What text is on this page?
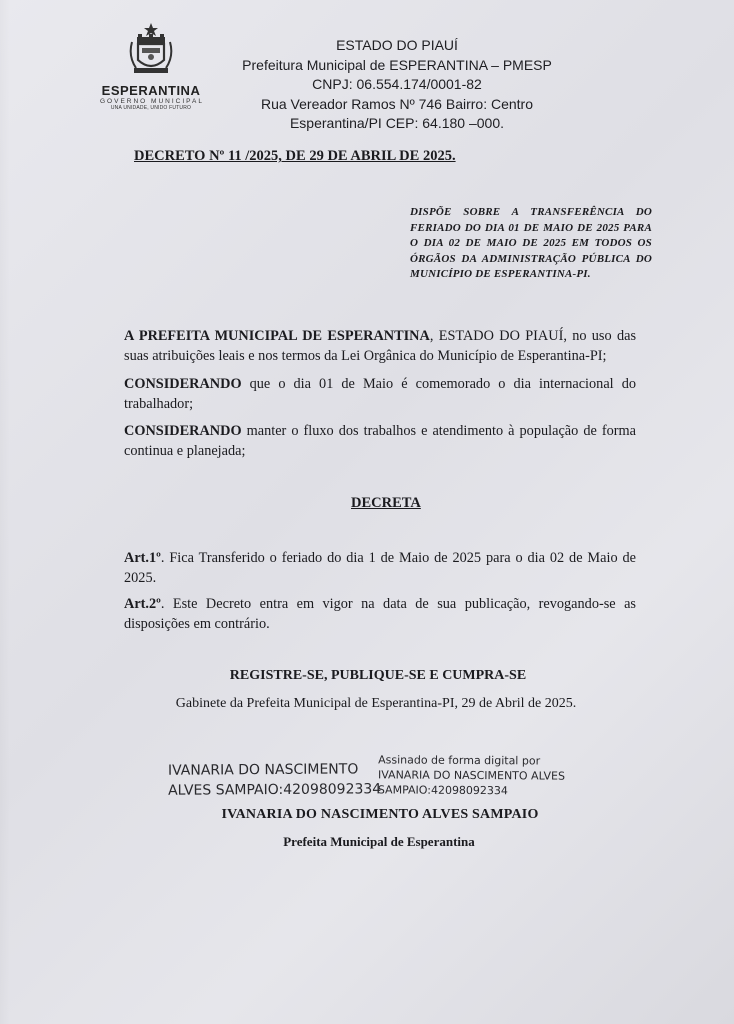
ESPERANTINA
GOVERNO MUNICIPAL
UNA UNIDADE, UNIDO FUTURO
ESTADO DO PIAUÍ
Prefeitura Municipal de ESPERANTINA – PMESP
CNPJ: 06.554.174/0001-82
Rua Vereador Ramos Nº 746 Bairro: Centro
Esperantina/PI CEP: 64.180 –000.
DECRETO Nº 11 /2025, DE 29 DE ABRIL DE 2025.
DISPÕE SOBRE A TRANSFERÊNCIA DO FERIADO DO DIA 01 DE MAIO DE 2025 PARA O DIA 02 DE MAIO DE 2025 EM TODOS OS ÓRGÃOS DA ADMINISTRAÇÃO PÚBLICA DO MUNICÍPIO DE ESPERANTINA-PI.
A PREFEITA MUNICIPAL DE ESPERANTINA, ESTADO DO PIAUÍ, no uso das suas atribuições leais e nos termos da Lei Orgânica do Município de Esperantina-PI;
CONSIDERANDO que o dia 01 de Maio é comemorado o dia internacional do trabalhador;
CONSIDERANDO manter o fluxo dos trabalhos e atendimento à população de forma continua e planejada;
DECRETA
Art.1º. Fica Transferido o feriado do dia 1 de Maio de 2025 para o dia 02 de Maio de 2025.
Art.2º. Este Decreto entra em vigor na data de sua publicação, revogando-se as disposições em contrário.
REGISTRE-SE, PUBLIQUE-SE E CUMPRA-SE
Gabinete da Prefeita Municipal de Esperantina-PI, 29 de Abril de 2025.
IVANARIA DO NASCIMENTO
ALVES SAMPAIO:42098092334
Assinado de forma digital por
IVANARIA DO NASCIMENTO ALVES
SAMPAIO:42098092334
IVANARIA DO NASCIMENTO ALVES SAMPAIO
Prefeita Municipal de Esperantina
